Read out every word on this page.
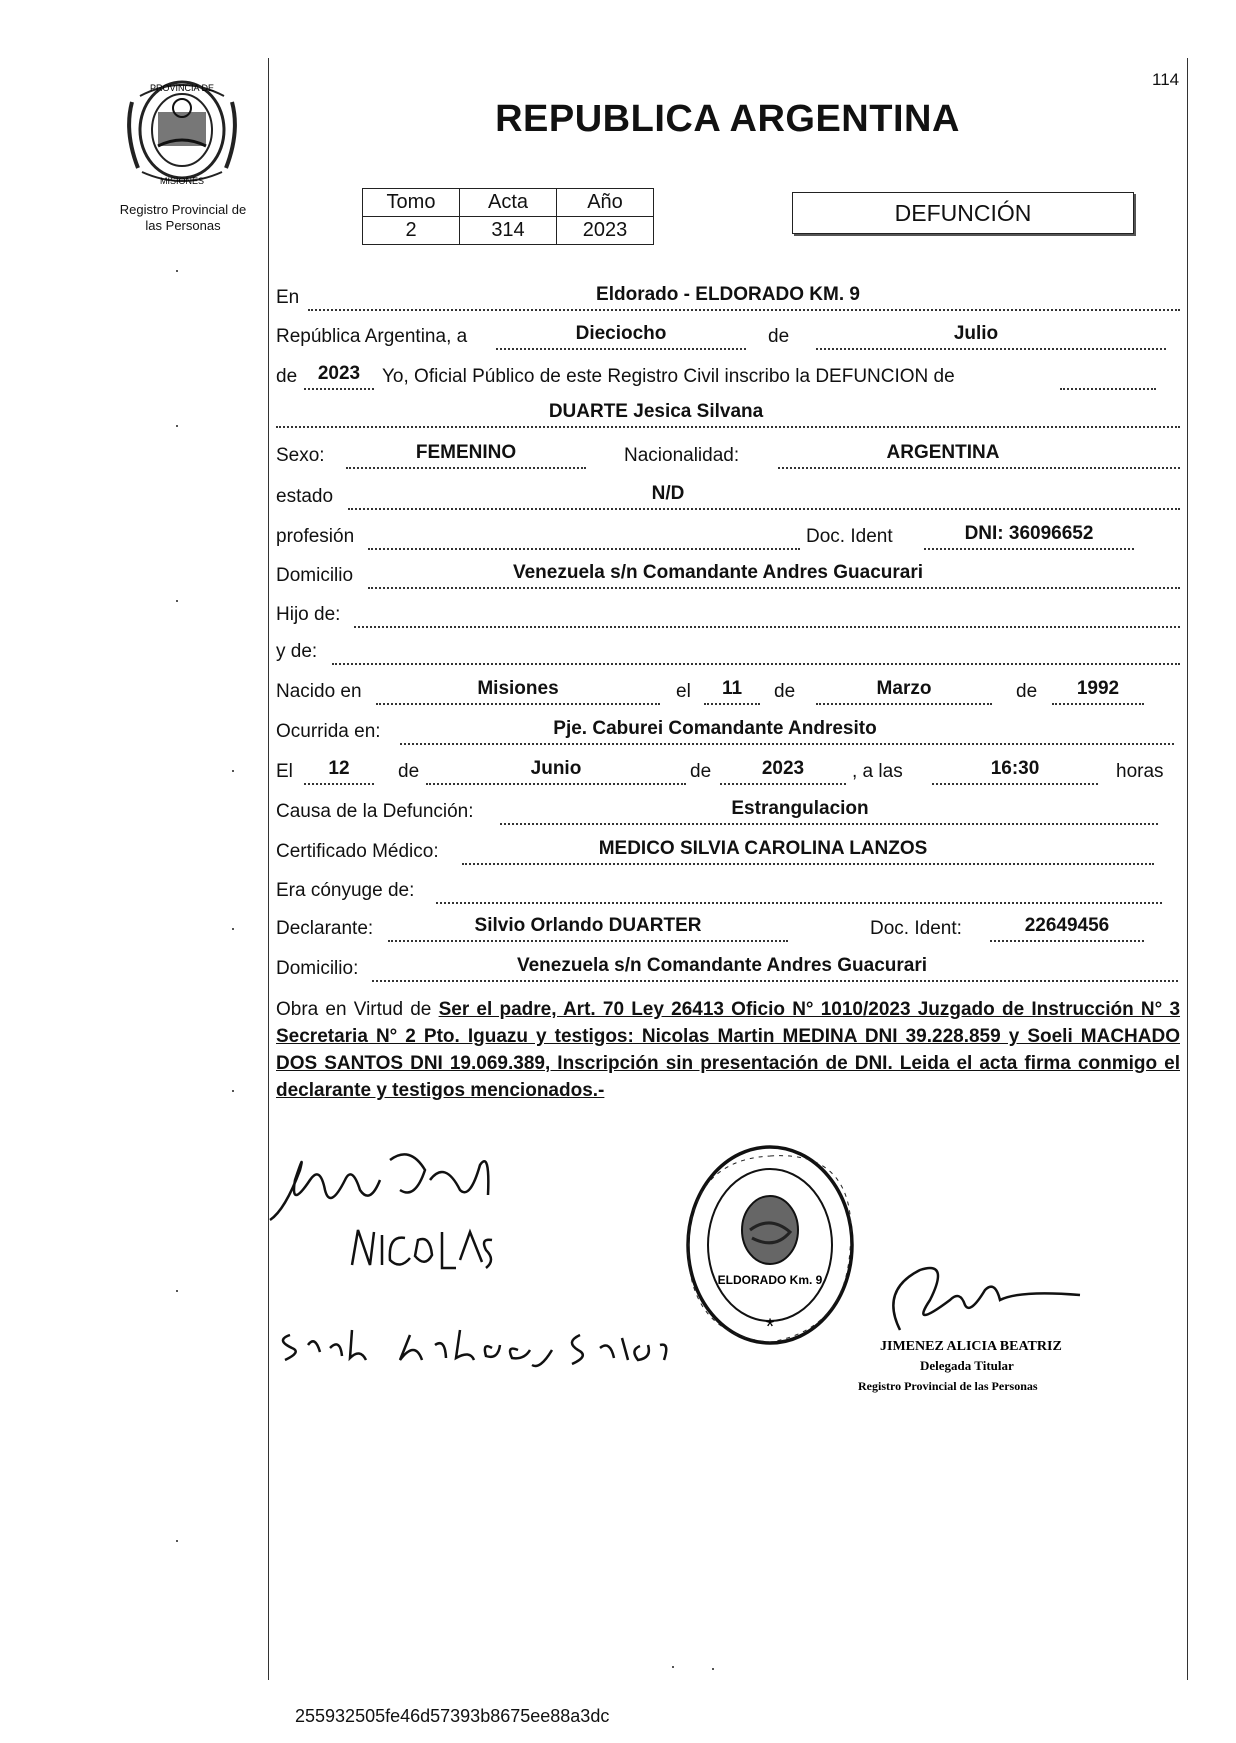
PROVINCIA DE
MISIONES
Registro Provincial de
las Personas
114
REPUBLICA ARGENTINA
Tomo	Acta	Año
2	314	2023
DEFUNCIÓN
En	Eldorado - ELDORADO KM. 9
República Argentina, a	Dieciocho	de	Julio
de	2023	Yo, Oficial Público de este Registro Civil inscribo la DEFUNCION de
DUARTE Jesica Silvana
Sexo:	FEMENINO	Nacionalidad:	ARGENTINA
estado	N/D
profesión	Doc. Ident	DNI: 36096652
Domicilio	Venezuela s/n Comandante Andres Guacurari
Hijo de:
y de:
Nacido en	Misiones	el	11	de	Marzo	de	1992
Ocurrida en:	Pje. Caburei Comandante Andresito
El	12	de	Junio	de	2023	, a las	16:30	horas
Causa de la Defunción:	Estrangulacion
Certificado Médico:	MEDICO SILVIA CAROLINA LANZOS
Era cónyuge de:
Declarante:	Silvio Orlando DUARTER	Doc. Ident:	22649456
Domicilio:	Venezuela s/n Comandante Andres Guacurari
Obra en Virtud de Ser el padre, Art. 70 Ley 26413 Oficio N° 1010/2023 Juzgado de Instrucción N° 3 Secretaria N° 2 Pto. Iguazu y testigos: Nicolas Martin MEDINA DNI 39.228.859 y Soeli MACHADO DOS SANTOS DNI 19.069.389, Inscripción sin presentación de DNI. Leida el acta firma conmigo el declarante y testigos mencionados.-
ELDORADO Km. 9
*
JIMENEZ ALICIA BEATRIZ
Delegada Titular
Registro Provincial de las Personas
255932505fe46d57393b8675ee88a3dc
